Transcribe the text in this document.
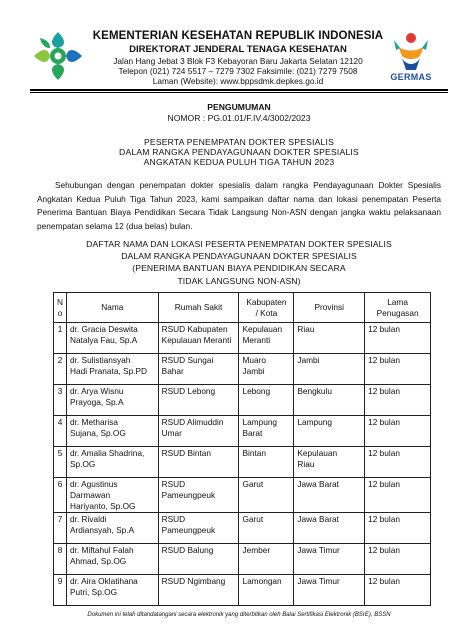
KEMENTERIAN KESEHATAN REPUBLIK INDONESIA
DIREKTORAT JENDERAL TENAGA KESEHATAN
Jalan Hang Jebat 3 Blok F3 Kebayoran Baru Jakarta Selatan 12120
Telepon (021) 724 5517 – 7279 7302 Faksimile: (021) 7279 7508
Laman (Website): www.bppsdmk.depkes.go.id	GERMAS
PENGUMUMAN
NOMOR : PG.01.01/F.IV.4/3002/2023
PESERTA PENEMPATAN DOKTER SPESIALIS
DALAM RANGKA PENDAYAGUNAAN DOKTER SPESIALIS
ANGKATAN KEDUA PULUH TIGA TAHUN 2023

Sehubungan dengan penempatan dokter spesialis dalam rangka Pendayagunaan Dokter Spesialis Angkatan Kedua Puluh Tiga Tahun 2023, kami sampaikan daftar nama dan lokasi penempatan Peserta Penerima Bantuan Biaya Pendidikan Secara Tidak Langsung Non-ASN dengan jangka waktu pelaksanaan penempatan selama 12 (dua belas) bulan.

DAFTAR NAMA DAN LOKASI PESERTA PENEMPATAN DOKTER SPESIALIS
DALAM RANGKA PENDAYAGUNAAN DOKTER SPESIALIS
(PENERIMA BANTUAN BIAYA PENDIDIKAN SECARA
TIDAK LANGSUNG NON-ASN)
N
o	Nama	Rumah Sakit	Kabupaten
/ Kota	Provinsi	Lama
Penugasan
1	dr. Gracia Deswita
Natalya Fau, Sp.A	RSUD Kabupaten
Kepulauan Meranti	Kepulauan
Meranti	Riau	12 bulan
2	dr. Sulistiansyah
Hadi Pranata, Sp.PD	RSUD Sungai
Bahar	Muaro
Jambi	Jambi	12 bulan
3	dr. Arya Wisnu
Prayoga, Sp.A	RSUD Lebong	Lebong	Bengkulu	12 bulan
4	dr. Metharisa
Sujana, Sp.OG	RSUD Alimuddin
Umar	Lampung
Barat	Lampung	12 bulan
5	dr. Amalia Shadrina,
Sp.OG	RSUD Bintan	Bintan	Kepulauan
Riau	12 bulan
6	dr. Agustinus
Darmawan
Hariyanto, Sp.OG	RSUD
Pameungpeuk	Garut	Jawa Barat	12 bulan
7	dr. Rivaldi
Ardiansyah, Sp.A	RSUD
Pameungpeuk	Garut	Jawa Barat	12 bulan
8	dr. Miftahul Falah
Ahmad, Sp.OG	RSUD Balung	Jember	Jawa Timur	12 bulan
9	dr. Aira Oklatihana
Putri, Sp.OG	RSUD Ngimbang	Lamongan	Jawa Timur	12 bulan
Dokumen ini telah ditandatangani secara elektronik yang diterbitkan oleh Balai Sertifikasi Elektronik (BSrE), BSSN
